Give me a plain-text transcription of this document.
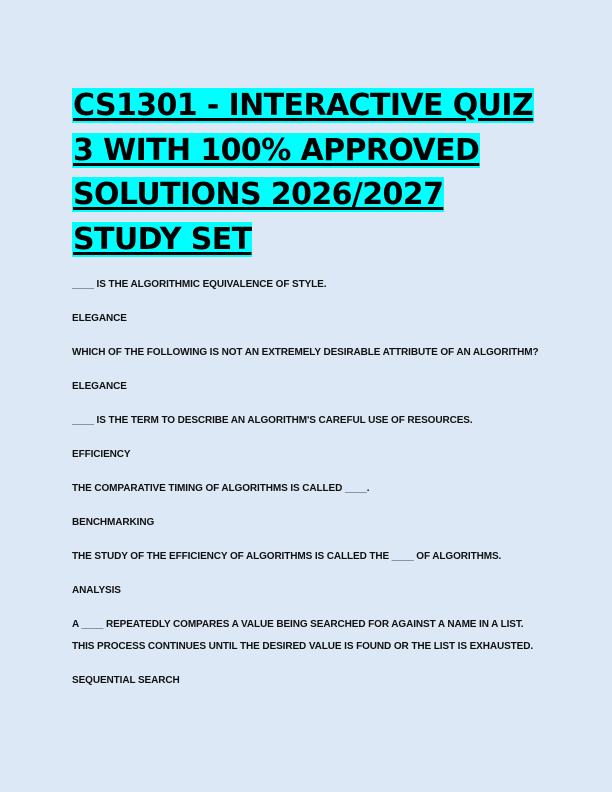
CS1301 - INTERACTIVE QUIZ 3 WITH 100% APPROVED SOLUTIONS 2026/2027 STUDY SET
____ IS THE ALGORITHMIC EQUIVALENCE OF STYLE.
ELEGANCE
WHICH OF THE FOLLOWING IS NOT AN EXTREMELY DESIRABLE ATTRIBUTE OF AN ALGORITHM?
ELEGANCE
____ IS THE TERM TO DESCRIBE AN ALGORITHM'S CAREFUL USE OF RESOURCES.
EFFICIENCY
THE COMPARATIVE TIMING OF ALGORITHMS IS CALLED ____.
BENCHMARKING
THE STUDY OF THE EFFICIENCY OF ALGORITHMS IS CALLED THE ____ OF ALGORITHMS.
ANALYSIS
A ____ REPEATEDLY COMPARES A VALUE BEING SEARCHED FOR AGAINST A NAME IN A LIST. THIS PROCESS CONTINUES UNTIL THE DESIRED VALUE IS FOUND OR THE LIST IS EXHAUSTED.
SEQUENTIAL SEARCH
